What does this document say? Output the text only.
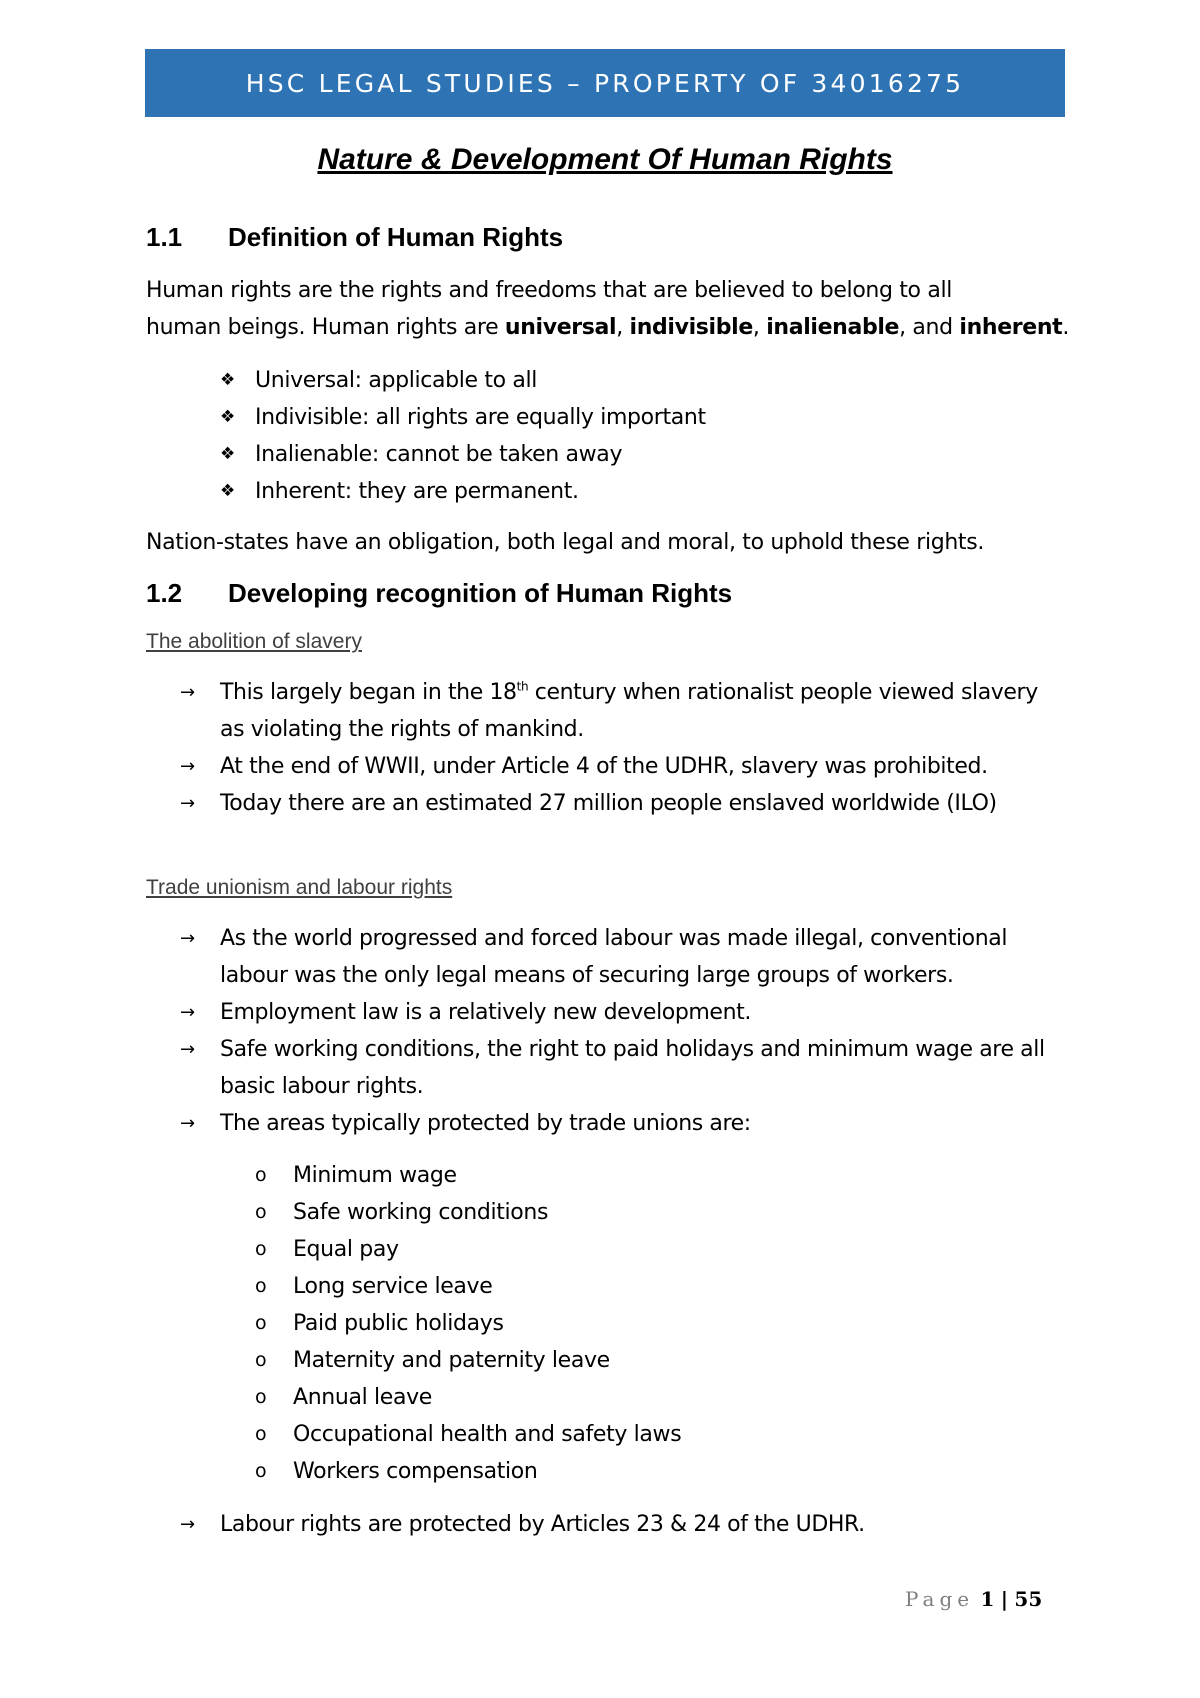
HSC LEGAL STUDIES – PROPERTY OF 34016275
Nature & Development Of Human Rights
1.1 Definition of Human Rights
Human rights are the rights and freedoms that are believed to belong to all
human beings. Human rights are universal, indivisible, inalienable, and inherent.
❖ Universal: applicable to all
❖ Indivisible: all rights are equally important
❖ Inalienable: cannot be taken away
❖ Inherent: they are permanent.
Nation-states have an obligation, both legal and moral, to uphold these rights.
1.2 Developing recognition of Human Rights
The abolition of slavery
→ This largely began in the 18th century when rationalist people viewed slavery as violating the rights of mankind.
→ At the end of WWII, under Article 4 of the UDHR, slavery was prohibited.
→ Today there are an estimated 27 million people enslaved worldwide (ILO)
Trade unionism and labour rights
→ As the world progressed and forced labour was made illegal, conventional labour was the only legal means of securing large groups of workers.
→ Employment law is a relatively new development.
→ Safe working conditions, the right to paid holidays and minimum wage are all basic labour rights.
→ The areas typically protected by trade unions are:
o	Minimum wage
o	Safe working conditions
o	Equal pay
o	Long service leave
o	Paid public holidays
o	Maternity and paternity leave
o	Annual leave
o	Occupational health and safety laws
o	Workers compensation
→ Labour rights are protected by Articles 23 & 24 of the UDHR.
Page 1 | 55
